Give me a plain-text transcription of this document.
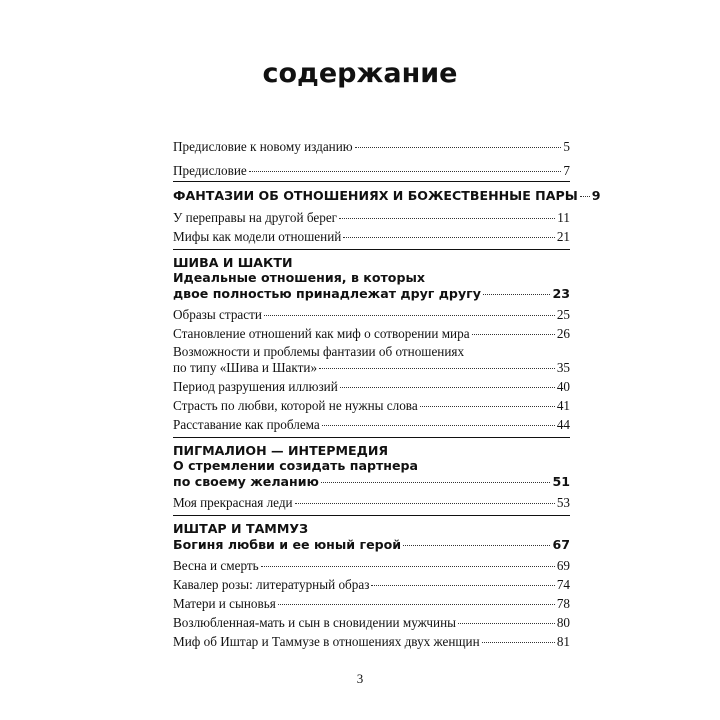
содержание
Предисловие к новому изданию	5
Предисловие	7
ФАНТАЗИИ ОБ ОТНОШЕНИЯХ И БОЖЕСТВЕННЫЕ ПАРЫ 9
У переправы на другой берег	11
Мифы как модели отношений	21
ШИВА И ШАКТИ
Идеальные отношения, в которых
двое полностью принадлежат друг другу	23
Образы страсти	25
Становление отношений как миф о сотворении мира	26
Возможности и проблемы фантазии об отношениях
по типу «Шива и Шакти»	35
Период разрушения иллюзий	40
Страсть по любви, которой не нужны слова	41
Расставание как проблема	44
ПИГМАЛИОН — ИНТЕРМЕДИЯ
О стремлении созидать партнера
по своему желанию	51
Моя прекрасная леди	53
ИШТАР И ТАММУЗ
Богиня любви и ее юный герой	67
Весна и смерть	69
Кавалер розы: литературный образ	74
Матери и сыновья	78
Возлюбленная-мать и сын в сновидении мужчины	80
Миф об Иштар и Таммузе в отношениях двух женщин	81
3
